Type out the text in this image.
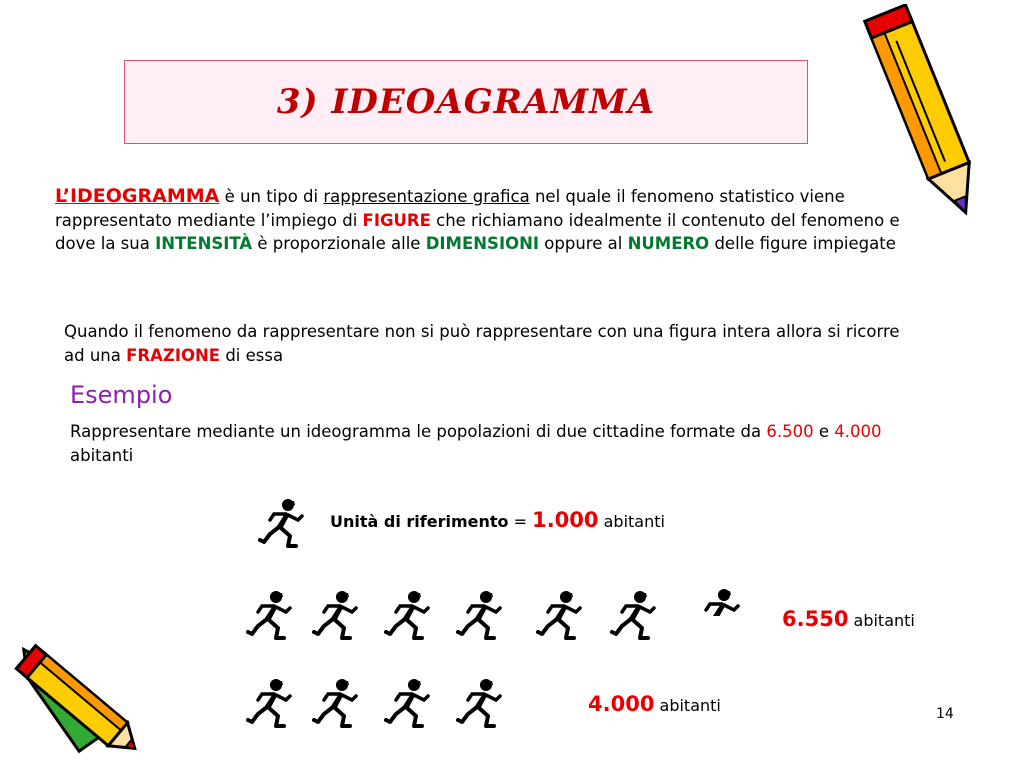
3) IDEOAGRAMMA
L’IDEOGRAMMA è un tipo di rappresentazione grafica nel quale il fenomeno statistico viene rappresentato mediante l’impiego di FIGURE che richiamano idealmente il contenuto del fenomeno e dove la sua INTENSITÀ è proporzionale alle DIMENSIONI oppure al NUMERO delle figure impiegate
Quando il fenomeno da rappresentare non si può rappresentare con una figura intera allora si ricorre ad una FRAZIONE di essa
Esempio
Rappresentare mediante un ideogramma le popolazioni di due cittadine formate da 6.500 e 4.000 abitanti
Unità di riferimento = 1.000 abitanti
6.550 abitanti
4.000 abitanti	14
